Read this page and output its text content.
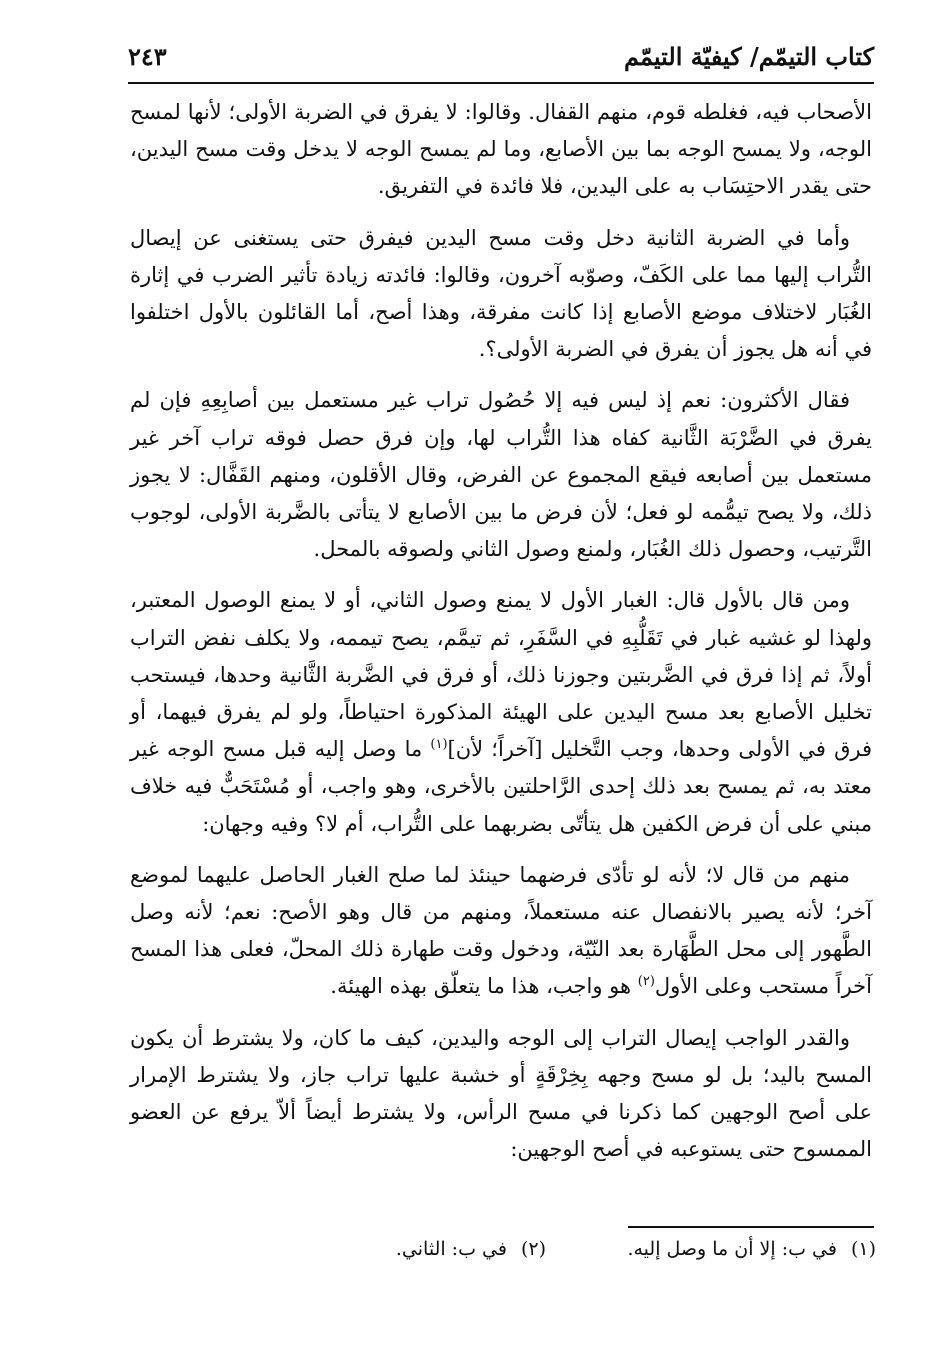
كتاب التيمّم/ كيفيّة التيمّم
٢٤٣

الأصحاب فيه، فغلطه قوم، منهم القفال. وقالوا: لا يفرق في الضربة الأولى؛ لأنها لمسح الوجه، ولا يمسح الوجه بما بين الأصابع، وما لم يمسح الوجه لا يدخل وقت مسح اليدين، حتى يقدر الاحتِسَاب به على اليدين، فلا فائدة في التفريق.

وأما في الضربة الثانية دخل وقت مسح اليدين فيفرق حتى يستغنى عن إيصال التُّراب إليها مما على الكَفّ، وصوّبه آخرون، وقالوا: فائدته زيادة تأثير الضرب في إثارة الغُبَار لاختلاف موضع الأصابع إذا كانت مفرقة، وهذا أصح، أما القائلون بالأول اختلفوا في أنه هل يجوز أن يفرق في الضربة الأولى؟.

فقال الأكثرون: نعم إذ ليس فيه إلا حُصُول تراب غير مستعمل بين أصابِعِهِ فإن لم يفرق في الضَّرْبَة الثَّانية كفاه هذا التُّراب لها، وإن فرق حصل فوقه تراب آخر غير مستعمل بين أصابعه فيقع المجموع عن الفرض، وقال الأقلون، ومنهم القَفَّال: لا يجوز ذلك، ولا يصح تيمُّمه لو فعل؛ لأن فرض ما بين الأصابع لا يتأتى بالضَّربة الأولى، لوجوب التَّرتيب، وحصول ذلك الغُبَار، ولمنع وصول الثاني ولصوقه بالمحل.

ومن قال بالأول قال: الغبار الأول لا يمنع وصول الثاني، أو لا يمنع الوصول المعتبر، ولهذا لو غشيه غبار في تَقَلُّبِهِ في السَّفَرِ، ثم تيمَّم، يصح تيممه، ولا يكلف نفض التراب أولاً، ثم إذا فرق في الضَّربتين وجوزنا ذلك، أو فرق في الضَّربة الثَّانية وحدها، فيستحب تخليل الأصابع بعد مسح اليدين على الهيئة المذكورة احتياطاً، ولو لم يفرق فيهما، أو فرق في الأولى وحدها، وجب التَّخليل [آخراً؛ لأن]$^{(١)}$ ما وصل إليه قبل مسح الوجه غير معتد به، ثم يمسح بعد ذلك إحدى الرَّاحلتين بالأخرى، وهو واجب، أو مُسْتَحَبٌّ فيه خلاف مبني على أن فرض الكفين هل يتأتّى بضربهما على التُّراب، أم لا؟ وفيه وجهان:

منهم من قال لا؛ لأنه لو تأدّى فرضهما حينئذ لما صلح الغبار الحاصل عليهما لموضع آخر؛ لأنه يصير بالانفصال عنه مستعملاً، ومنهم من قال وهو الأصح: نعم؛ لأنه وصل الطَّهور إلى محل الطَّهَارة بعد النّيّة، ودخول وقت طهارة ذلك المحلّ، فعلى هذا المسح آخراً مستحب وعلى الأول$^{(٢)}$ هو واجب، هذا ما يتعلّق بهذه الهيئة.

والقدر الواجب إيصال التراب إلى الوجه واليدين، كيف ما كان، ولا يشترط أن يكون المسح باليد؛ بل لو مسح وجهه بِخِرْقَةٍ أو خشبة عليها تراب جاز، ولا يشترط الإمرار على أصح الوجهين كما ذكرنا في مسح الرأس، ولا يشترط أيضاً ألاّ يرفع عن العضو الممسوح حتى يستوعبه في أصح الوجهين:

(١)في ب: إلا أن ما وصل إليه.
(٢)في ب: الثاني.
